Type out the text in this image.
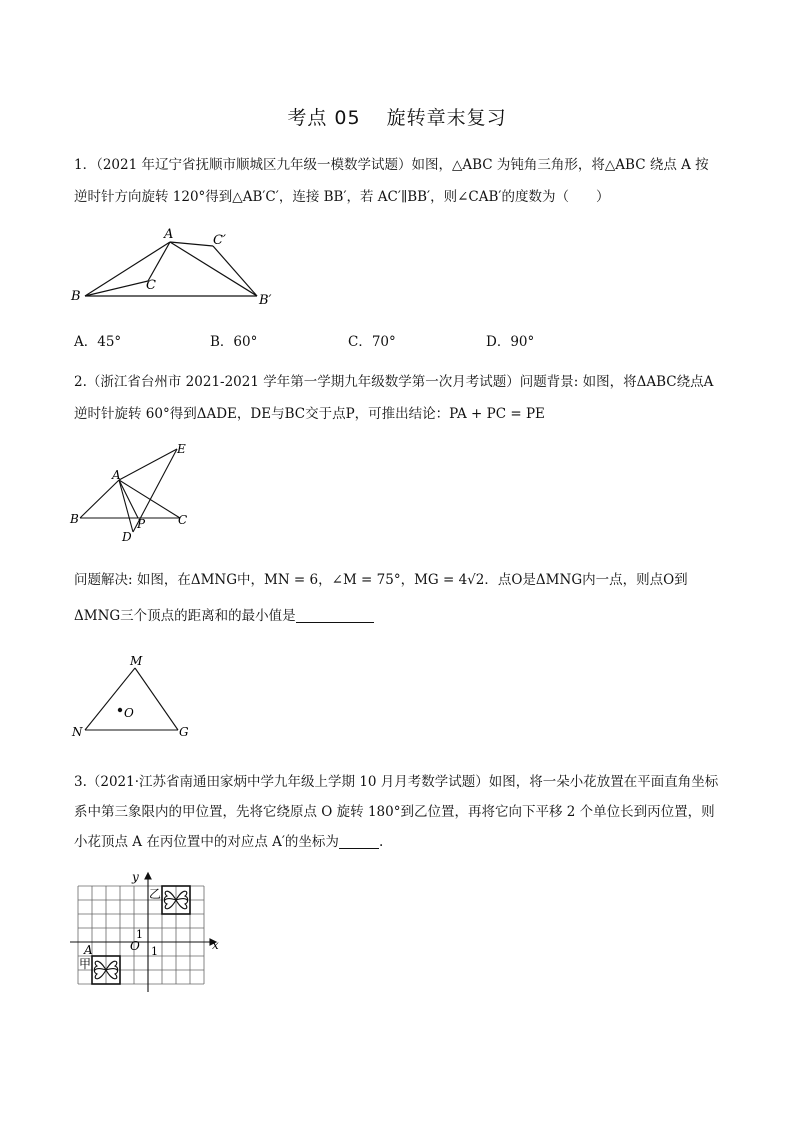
考点 05 旋转章末复习
1．（2021 年辽宁省抚顺市顺城区九年级一模数学试题）如图，△ABC 为钝角三角形，将△ABC 绕点 A 按
逆时针方向旋转 120°得到△AB′C′，连接 BB′，若 AC′∥BB′，则∠CAB′的度数为（　　）
A	C′
C
B	B′
A．45°	B．60°	C．70°	D．90°
2.（浙江省台州市 2021-2021 学年第一学期九年级数学第一次月考试题）问题背景: 如图，将ΔABC绕点A
逆时针旋转 60°得到ΔADE，DE与BC交于点P，可推出结论：PA + PC = PE
A
E
B	C
P
D
问题解决: 如图，在ΔMNG中，MN = 6，∠M = 75°，MG = 4√2．点O是ΔMNG内一点，则点O到
ΔMNG三个顶点的距离和的最小值是
M
N	G
O
3.（2021·江苏省南通田家炳中学九年级上学期 10 月月考数学试题）如图，将一朵小花放置在平面直角坐标
系中第三象限内的甲位置，先将它绕原点 O 旋转 180°到乙位置，再将它向下平移 2 个单位长到丙位置，则
小花顶点 A 在丙位置中的对应点 A′的坐标为	.
y
x
O 1
1
A
甲
乙
